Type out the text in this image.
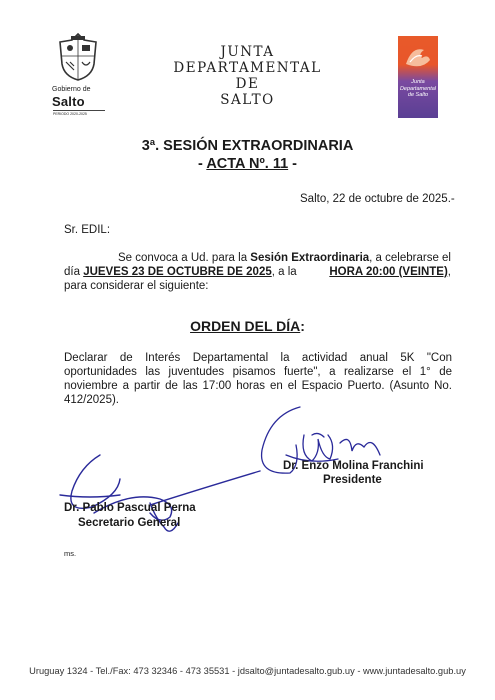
Gobierno de
Salto
PERIODO 2020-2025
JUNTA
DEPARTAMENTAL
DE
SALTO
Junta
Departamental
de Salto
3ª. SESIÓN EXTRAORDINARIA
- ACTA Nº. 11 -
Salto, 22 de octubre de 2025.-
Sr. EDIL:
Se convoca a Ud. para la Sesión Extraordinaria, a celebrarse el
día JUEVES 23 DE OCTUBRE DE 2025, a la	HORA 20:00 (VEINTE),
para considerar el siguiente:
ORDEN DEL DÍA:
Declarar de Interés Departamental la actividad anual 5K "Con oportunidades las juventudes pisamos fuerte", a realizarse el 1° de noviembre a partir de las 17:00 horas en el Espacio Puerto. (Asunto No. 412/2025).
Dr. Enzo Molina Franchini
Presidente
Dr. Pablo Pascual Perna
Secretario General
ms.
Uruguay 1324 - Tel./Fax: 473 32346 - 473 35531 - jdsalto@juntadesalto.gub.uy - www.juntadesalto.gub.uy
